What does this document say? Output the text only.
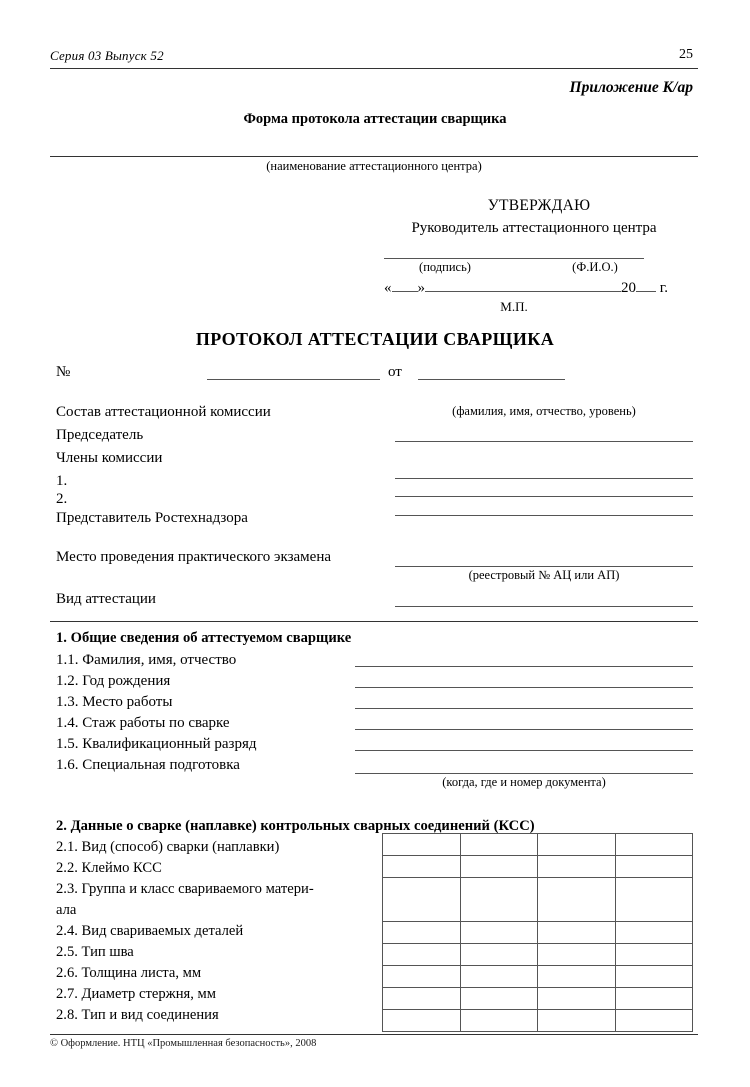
Серия 03 Выпуск 52	25
Приложение К/ар
Форма протокола аттестации сварщика
(наименование аттестационного центра)
УТВЕРЖДАЮ
Руководитель аттестационного центра
(подпись)	(Ф.И.О.)
« »	20 г.
М.П.
ПРОТОКОЛ АТТЕСТАЦИИ СВАРЩИКА
№	от
Состав аттестационной комиссии	(фамилия, имя, отчество, уровень)
Председатель
Члены комиссии
1.
2.
Представитель Ростехнадзора
Место проведения практического экзамена
(реестровый № АЦ или АП)
Вид аттестации
1. Общие сведения об аттестуемом сварщике
1.1. Фамилия, имя, отчество
1.2. Год рождения
1.3. Место работы
1.4. Стаж работы по сварке
1.5. Квалификационный разряд
1.6. Специальная подготовка
(когда, где и номер документа)
2. Данные о сварке (наплавке) контрольных сварных соединений (КСС)
2.1. Вид (способ) сварки (наплавки)
2.2. Клеймо КСС
2.3. Группа и класс свариваемого матери-
ала
2.4. Вид свариваемых деталей
2.5. Тип шва
2.6. Толщина листа, мм
2.7. Диаметр стержня, мм
2.8. Тип и вид соединения

© Оформление. НТЦ «Промышленная безопасность», 2008
